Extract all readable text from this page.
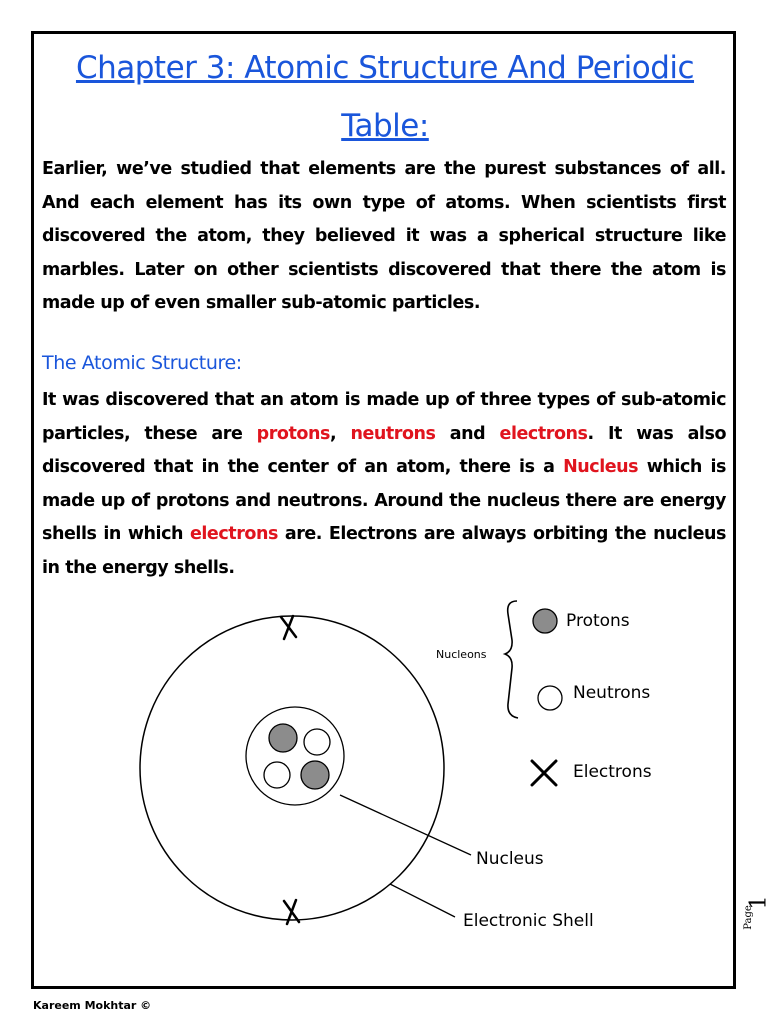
Chapter 3: Atomic Structure And Periodic
Table:
Earlier, we’ve studied that elements are the purest substances of all. And each element has its own type of atoms. When scientists first discovered the atom, they believed it was a spherical structure like marbles. Later on other scientists discovered that there the atom is made up of even smaller sub-atomic particles.
The Atomic Structure:
It was discovered that an atom is made up of three types of sub-atomic particles, these are protons, neutrons and electrons. It was also discovered that in the center of an atom, there is a Nucleus which is made up of protons and neutrons. Around the nucleus there are energy shells in which electrons are. Electrons are always orbiting the nucleus in the energy shells.
Nucleus
Electronic Shell
Nucleons
Protons
Neutrons
Electrons
Page
1
Kareem Mokhtar ©
